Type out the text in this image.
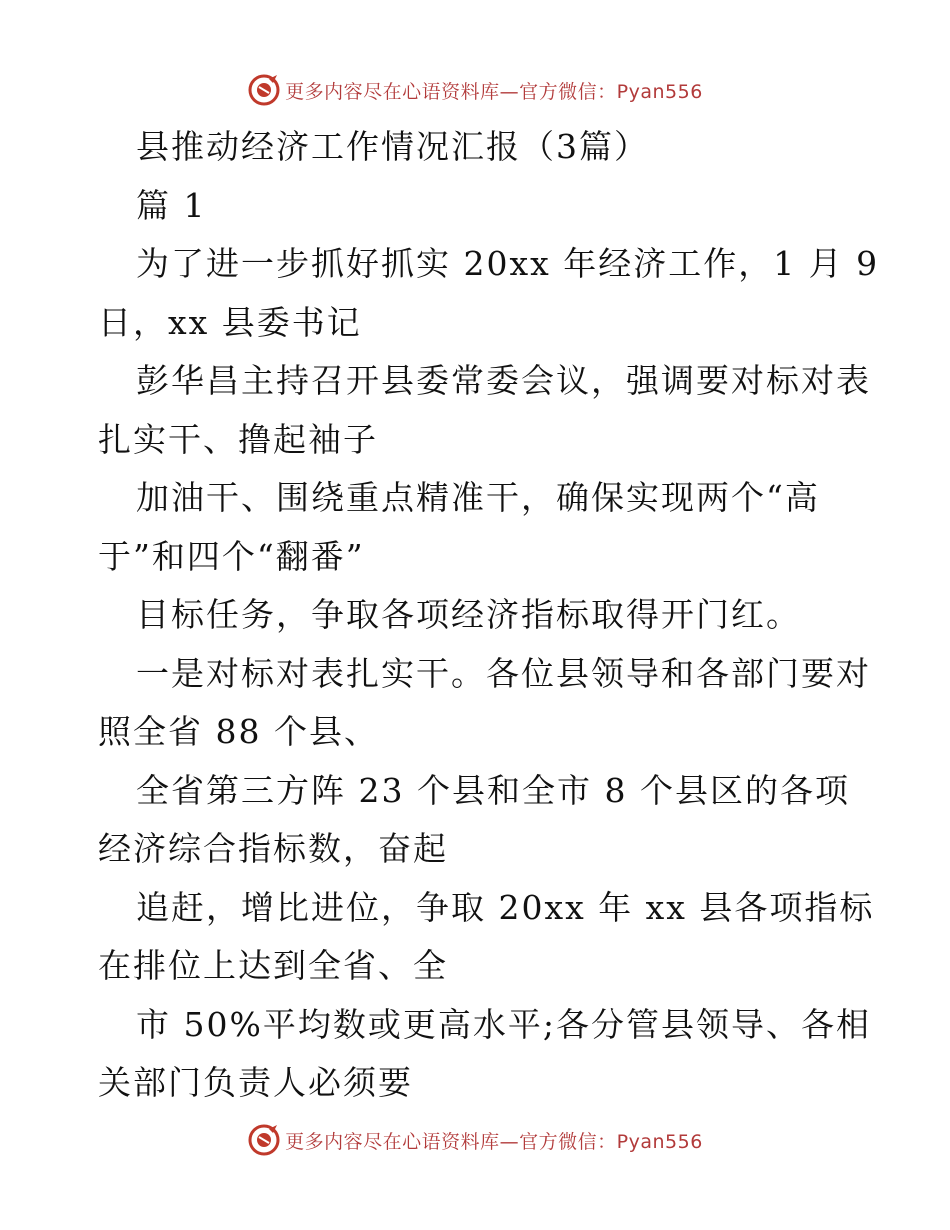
更多内容尽在心语资料库—官方微信：Pyan556
县推动经济工作情况汇报（3篇）
篇 1
为了进一步抓好抓实 20xx 年经济工作，1 月 9
日，xx 县委书记
彭华昌主持召开县委常委会议，强调要对标对表
扎实干、撸起袖子
加油干、围绕重点精准干，确保实现两个“高
于”和四个“翻番”
目标任务，争取各项经济指标取得开门红。
一是对标对表扎实干。各位县领导和各部门要对
照全省 88 个县、
全省第三方阵 23 个县和全市 8 个县区的各项
经济综合指标数，奋起
追赶，增比进位，争取 20xx 年 xx 县各项指标
在排位上达到全省、全
市 50%平均数或更高水平;各分管县领导、各相
关部门负责人必须要
更多内容尽在心语资料库—官方微信：Pyan556
